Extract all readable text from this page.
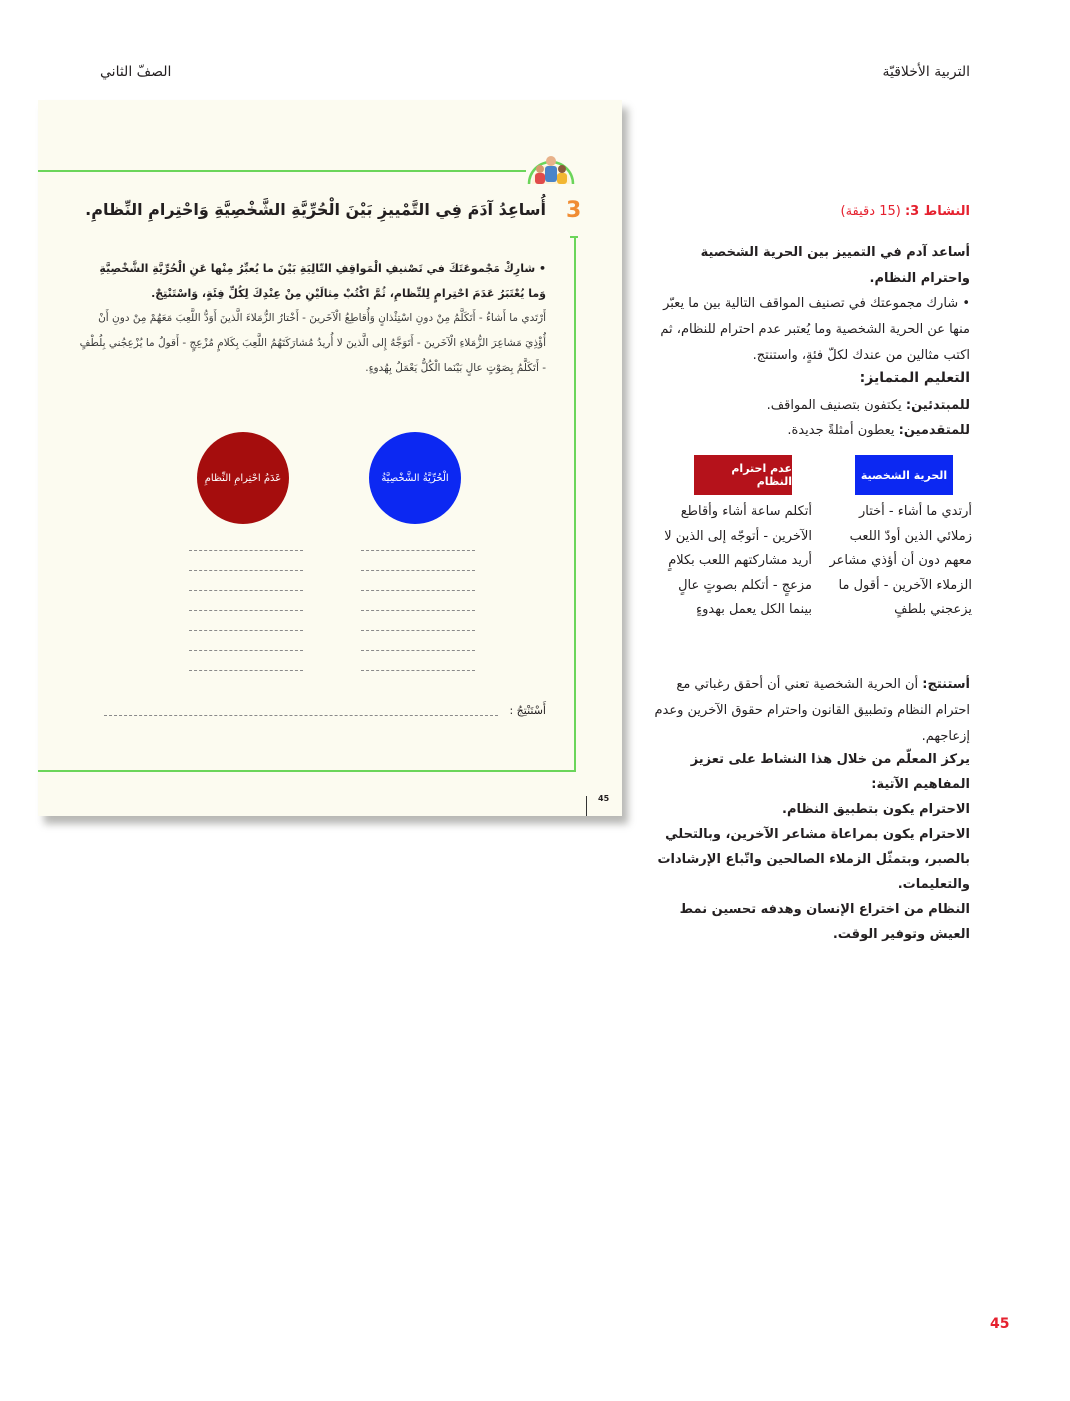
التربية الأخلاقيّة
الصفّ الثاني
3
أُساعِدُ آدَمَ فِي التَّمْييزِ بَيْنَ الْحُرِّيَّةِ الشَّخْصِيَّةِ وَاحْتِرامِ النِّظامِ.
• شارِكْ مَجْموعَتَكَ في تَصْنيفِ الْمَواقِفِ التّالِيَةِ بَيْنَ ما يُعبِّرُ مِنْها عَنِ الْحُرِّيَّةِ الشَّخْصِيَّةِ وَما يُعْتَبَرُ عَدَمَ احْتِرامٍ لِلنِّظامِ، ثُمَّ اكْتُبْ مِثالَيْنِ مِنْ عِنْدِكَ لِكُلِّ فِئَةٍ، وَاسْتَنْتِجْ.
أَرْتَدي ما أَشاءُ - أَتَكَلَّمُ مِنْ دونِ اسْتِئْذانٍ وَأُقاطِعُ الْآخَرينَ - أَخْتارُ الزُّمَلاءَ الَّذينَ أَوَدُّ اللَّعِبَ مَعَهُمْ مِنْ دونِ أَنْ أُؤْذِيَ مَشاعِرَ الزُّمَلاءِ الْآخَرينَ - أَتَوَجَّهُ إِلى الَّذينَ لا أُريدُ مُشارَكَتَهُمُ اللَّعِبَ بِكَلامٍ مُزْعِجٍ - أَقولُ ما يُزْعِجُني بِلُطْفٍ - أَتَكَلَّمُ بِصَوْتٍ عالٍ بَيْنَما الْكُلُّ يَعْمَلُ بِهُدوءٍ.
الْحُرِّيَّةُ الشَّخْصِيَّةُ
عَدَمُ احْتِرامِ النِّظامِ
أَسْتَنْتِجُ :
45
النشاط 3: (15 دقيقة)
أساعد آدم في التمييز بين الحرية الشخصية واحترام النظام.
• شارك مجموعتك في تصنيف المواقف التالية بين ما يعبّر منها عن الحرية الشخصية وما يُعتبر عدم احترام للنظام، ثم اكتب مثالين من عندك لكلّ فئةٍ، واستنتج.
التعليم المتمايز:
للمبتدئين: يكتفون بتصنيف المواقف.
للمتقدمين: يعطون أمثلةً جديدة.
الحرية الشخصية
عدم احترام النظام
أرتدي ما أشاء - أختار زملائي الذين أودّ اللعب معهم دون أن أؤذي مشاعر الزملاء الآخرين - أقول ما يزعجني بلطفٍ
أتكلم ساعة أشاء وأقاطع الآخرين - أتوجّه إلى الذين لا أريد مشاركتهم اللعب بكلامٍ مزعجٍ - أتكلم بصوتٍ عالٍ بينما الكل يعمل بهدوءٍ
أستنتج: أن الحرية الشخصية تعني أن أحقق رغباتي مع احترام النظام وتطبيق القانون واحترام حقوق الآخرين وعدم إزعاجهم.
يركز المعلّم من خلال هذا النشاط على تعزيز المفاهيم الآتية:
الاحترام يكون بتطبيق النظام.
الاحترام يكون بمراعاة مشاعر الآخرين، وبالتحلي بالصبر، وبتمثّل الزملاء الصالحين واتّباع الإرشادات والتعليمات.
النظام من اختراع الإنسان وهدفه تحسين نمط العيش وتوفير الوقت.
45
